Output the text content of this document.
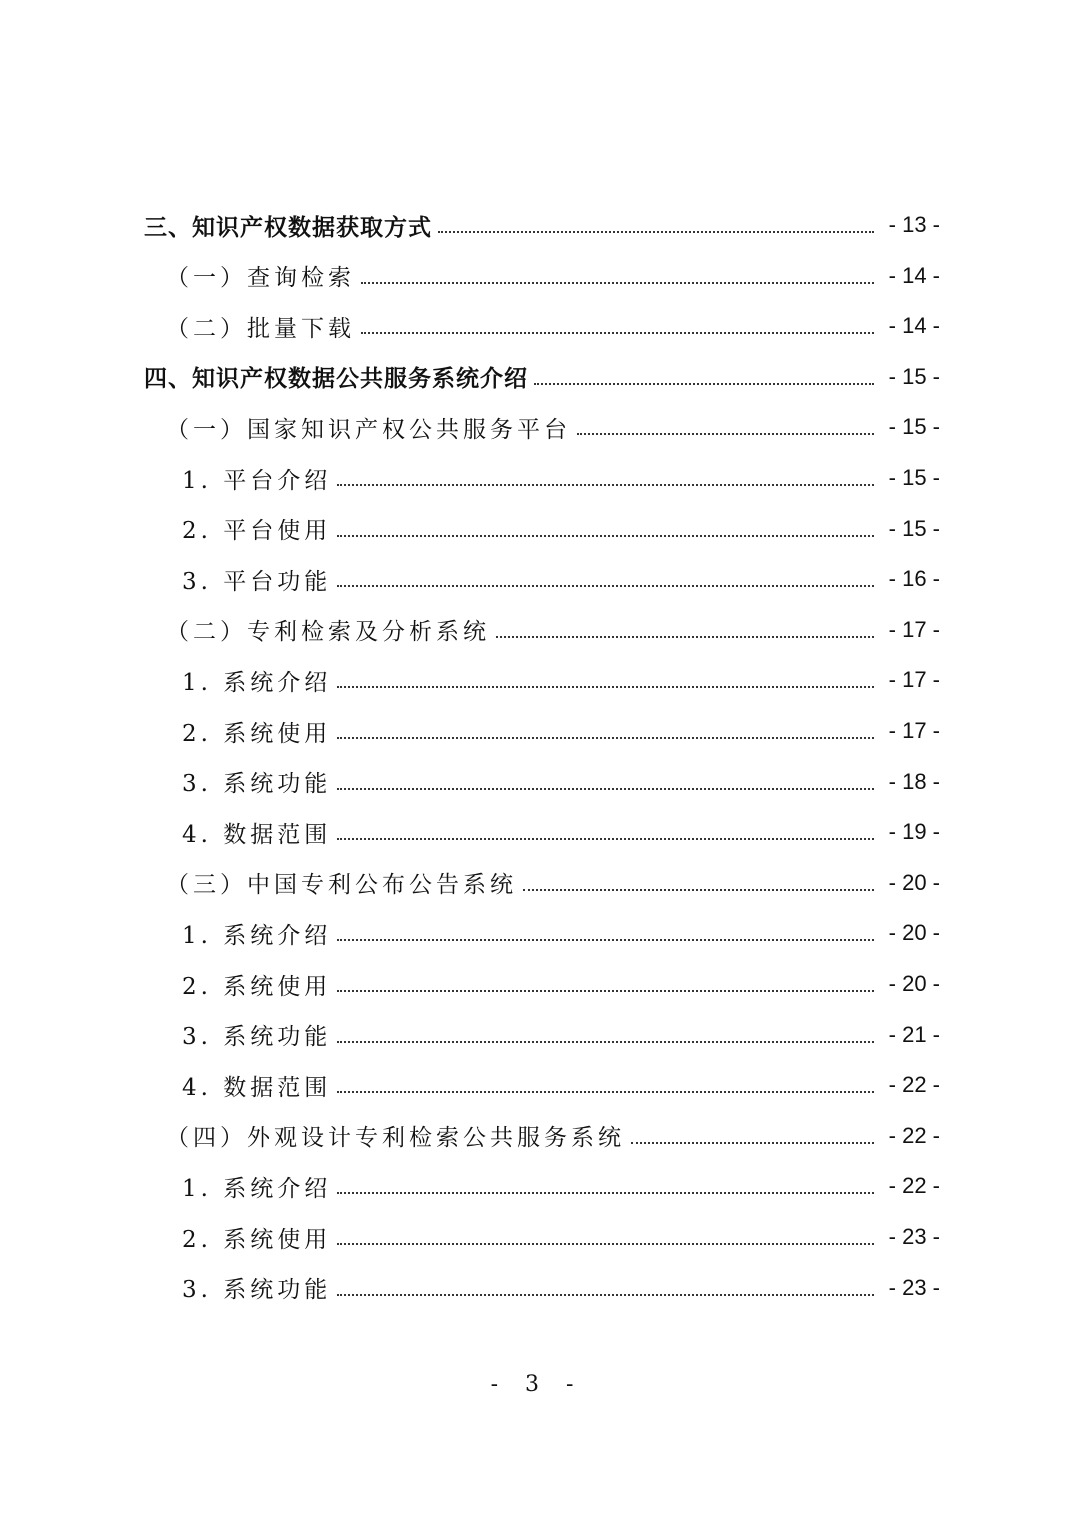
三、知识产权数据获取方式	- 13 -
（一）查询检索	- 14 -
（二）批量下载	- 14 -
四、知识产权数据公共服务系统介绍	- 15 -
（一）国家知识产权公共服务平台	- 15 -
1. 平台介绍	- 15 -
2. 平台使用	- 15 -
3. 平台功能	- 16 -
（二）专利检索及分析系统	- 17 -
1. 系统介绍	- 17 -
2. 系统使用	- 17 -
3. 系统功能	- 18 -
4. 数据范围	- 19 -
（三）中国专利公布公告系统	- 20 -
1. 系统介绍	- 20 -
2. 系统使用	- 20 -
3. 系统功能	- 21 -
4. 数据范围	- 22 -
（四）外观设计专利检索公共服务系统	- 22 -
1. 系统介绍	- 22 -
2. 系统使用	- 23 -
3. 系统功能	- 23 -
- 3 -
